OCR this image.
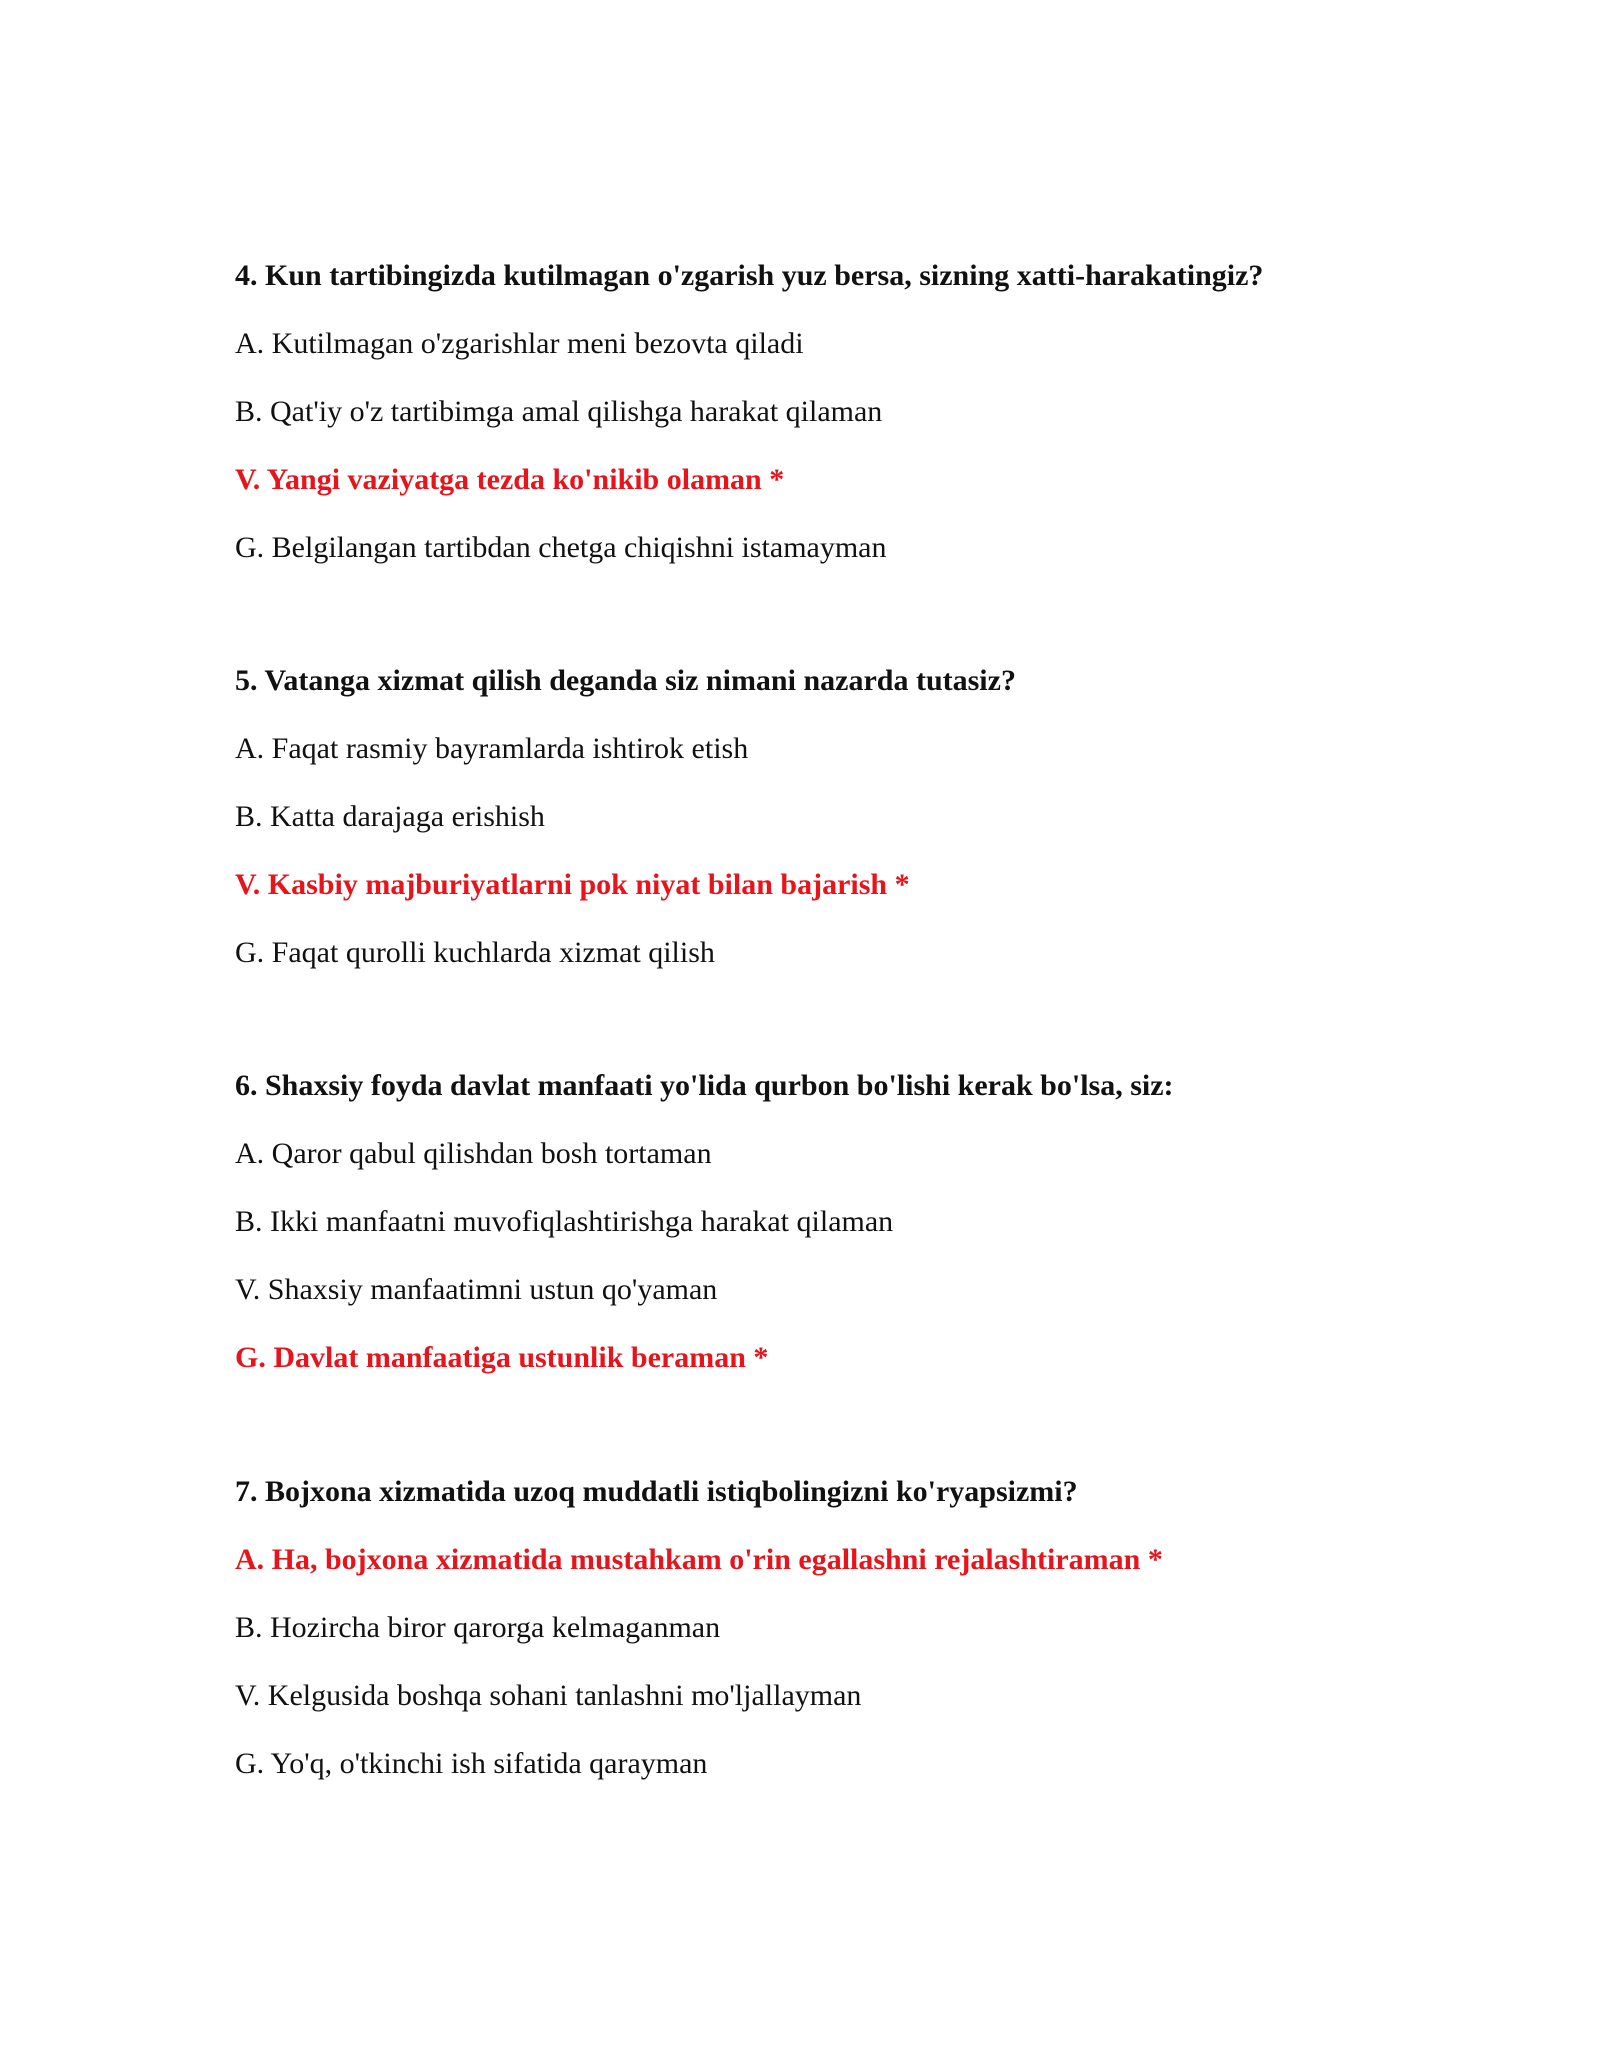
4. Kun tartibingizda kutilmagan o'zgarish yuz bersa, sizning xatti-harakatingiz?
A. Kutilmagan o'zgarishlar meni bezovta qiladi
B. Qat'iy o'z tartibimga amal qilishga harakat qilaman
V. Yangi vaziyatga tezda ko'nikib olaman *
G. Belgilangan tartibdan chetga chiqishni istamayman
5. Vatanga xizmat qilish deganda siz nimani nazarda tutasiz?
A. Faqat rasmiy bayramlarda ishtirok etish
B. Katta darajaga erishish
V. Kasbiy majburiyatlarni pok niyat bilan bajarish *
G. Faqat qurolli kuchlarda xizmat qilish
6. Shaxsiy foyda davlat manfaati yo'lida qurbon bo'lishi kerak bo'lsa, siz:
A. Qaror qabul qilishdan bosh tortaman
B. Ikki manfaatni muvofiqlashtirishga harakat qilaman
V. Shaxsiy manfaatimni ustun qo'yaman
G. Davlat manfaatiga ustunlik beraman *
7. Bojxona xizmatida uzoq muddatli istiqbolingizni ko'ryapsizmi?
A. Ha, bojxona xizmatida mustahkam o'rin egallashni rejalashtiraman *
B. Hozircha biror qarorga kelmaganman
V. Kelgusida boshqa sohani tanlashni mo'ljallayman
G. Yo'q, o'tkinchi ish sifatida qarayman
